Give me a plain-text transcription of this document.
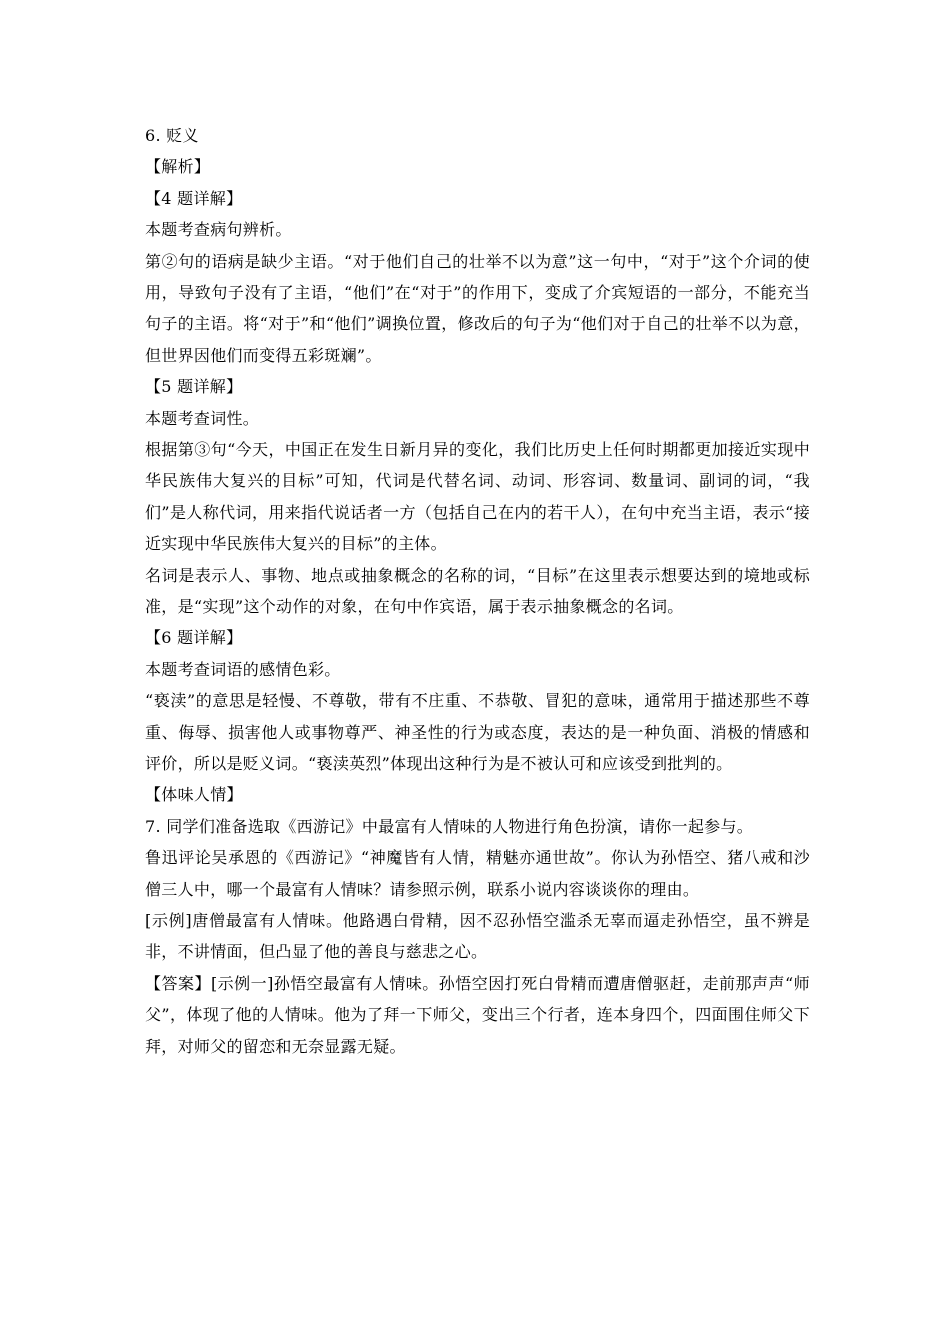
6. 贬义
【解析】
【4 题详解】
本题考查病句辨析。
第②句的语病是缺少主语。“对于他们自己的壮举不以为意”这一句中，“对于”这个介词的使用，导致句子没有了主语，“他们”在“对于”的作用下，变成了介宾短语的一部分，不能充当句子的主语。将“对于”和“他们”调换位置，修改后的句子为“他们对于自己的壮举不以为意，但世界因他们而变得五彩斑斓”。
【5 题详解】
本题考查词性。
根据第③句“今天，中国正在发生日新月异的变化，我们比历史上任何时期都更加接近实现中华民族伟大复兴的目标”可知，代词是代替名词、动词、形容词、数量词、副词的词，“我们”是人称代词，用来指代说话者一方（包括自己在内的若干人），在句中充当主语，表示“接近实现中华民族伟大复兴的目标”的主体。
名词是表示人、事物、地点或抽象概念的名称的词，“目标”在这里表示想要达到的境地或标准，是“实现”这个动作的对象，在句中作宾语，属于表示抽象概念的名词。
【6 题详解】
本题考查词语的感情色彩。
“亵渎”的意思是轻慢、不尊敬，带有不庄重、不恭敬、冒犯的意味，通常用于描述那些不尊重、侮辱、损害他人或事物尊严、神圣性的行为或态度，表达的是一种负面、消极的情感和评价，所以是贬义词。“亵渎英烈”体现出这种行为是不被认可和应该受到批判的。
【体味人情】
7. 同学们准备选取《西游记》中最富有人情味的人物进行角色扮演，请你一起参与。
鲁迅评论吴承恩的《西游记》“神魔皆有人情，精魅亦通世故”。你认为孙悟空、猪八戒和沙僧三人中，哪一个最富有人情味？请参照示例，联系小说内容谈谈你的理由。
[示例]唐僧最富有人情味。他路遇白骨精，因不忍孙悟空滥杀无辜而逼走孙悟空，虽不辨是非，不讲情面，但凸显了他的善良与慈悲之心。
【答案】[示例一]孙悟空最富有人情味。孙悟空因打死白骨精而遭唐僧驱赶，走前那声声“师父”，体现了他的人情味。他为了拜一下师父，变出三个行者，连本身四个，四面围住师父下拜，对师父的留恋和无奈显露无疑。
